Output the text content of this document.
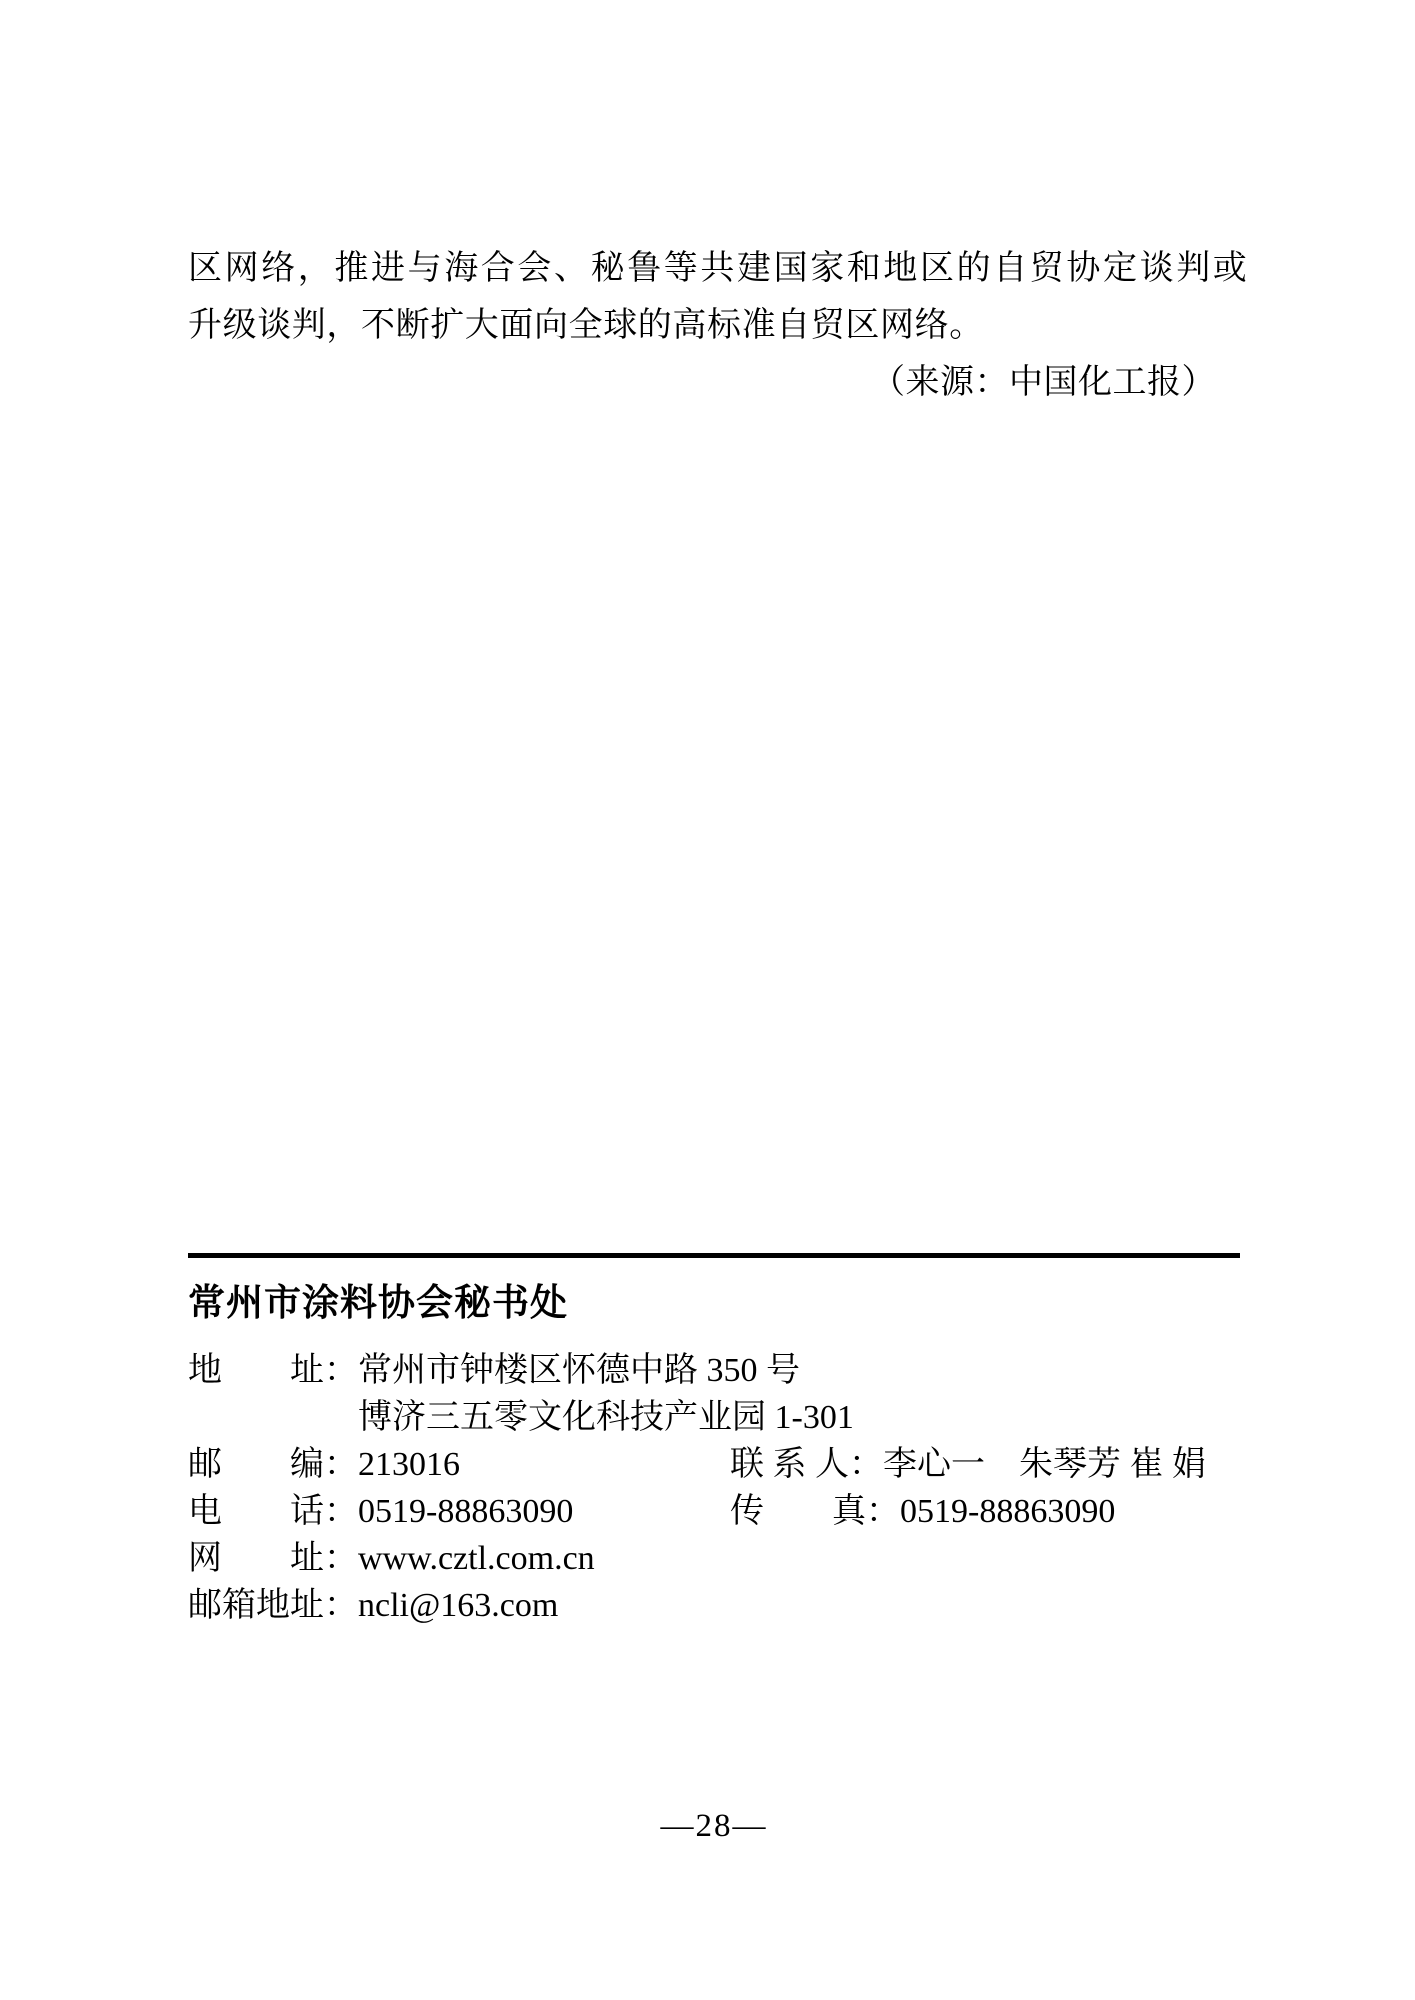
区网络，推进与海合会、秘鲁等共建国家和地区的自贸协定谈判或
升级谈判，不断扩大面向全球的高标准自贸区网络。
（来源：中国化工报）
常州市涂料协会秘书处
地　　址：常州市钟楼区怀德中路 350 号
博济三五零文化科技产业园 1-301
邮　　编：213016	联 系 人：李心一　朱琴芳 崔 娟
电　　话：0519-88863090	传　　真：0519-88863090
网　　址：www.cztl.com.cn
邮箱地址：ncli@163.com
—28—
